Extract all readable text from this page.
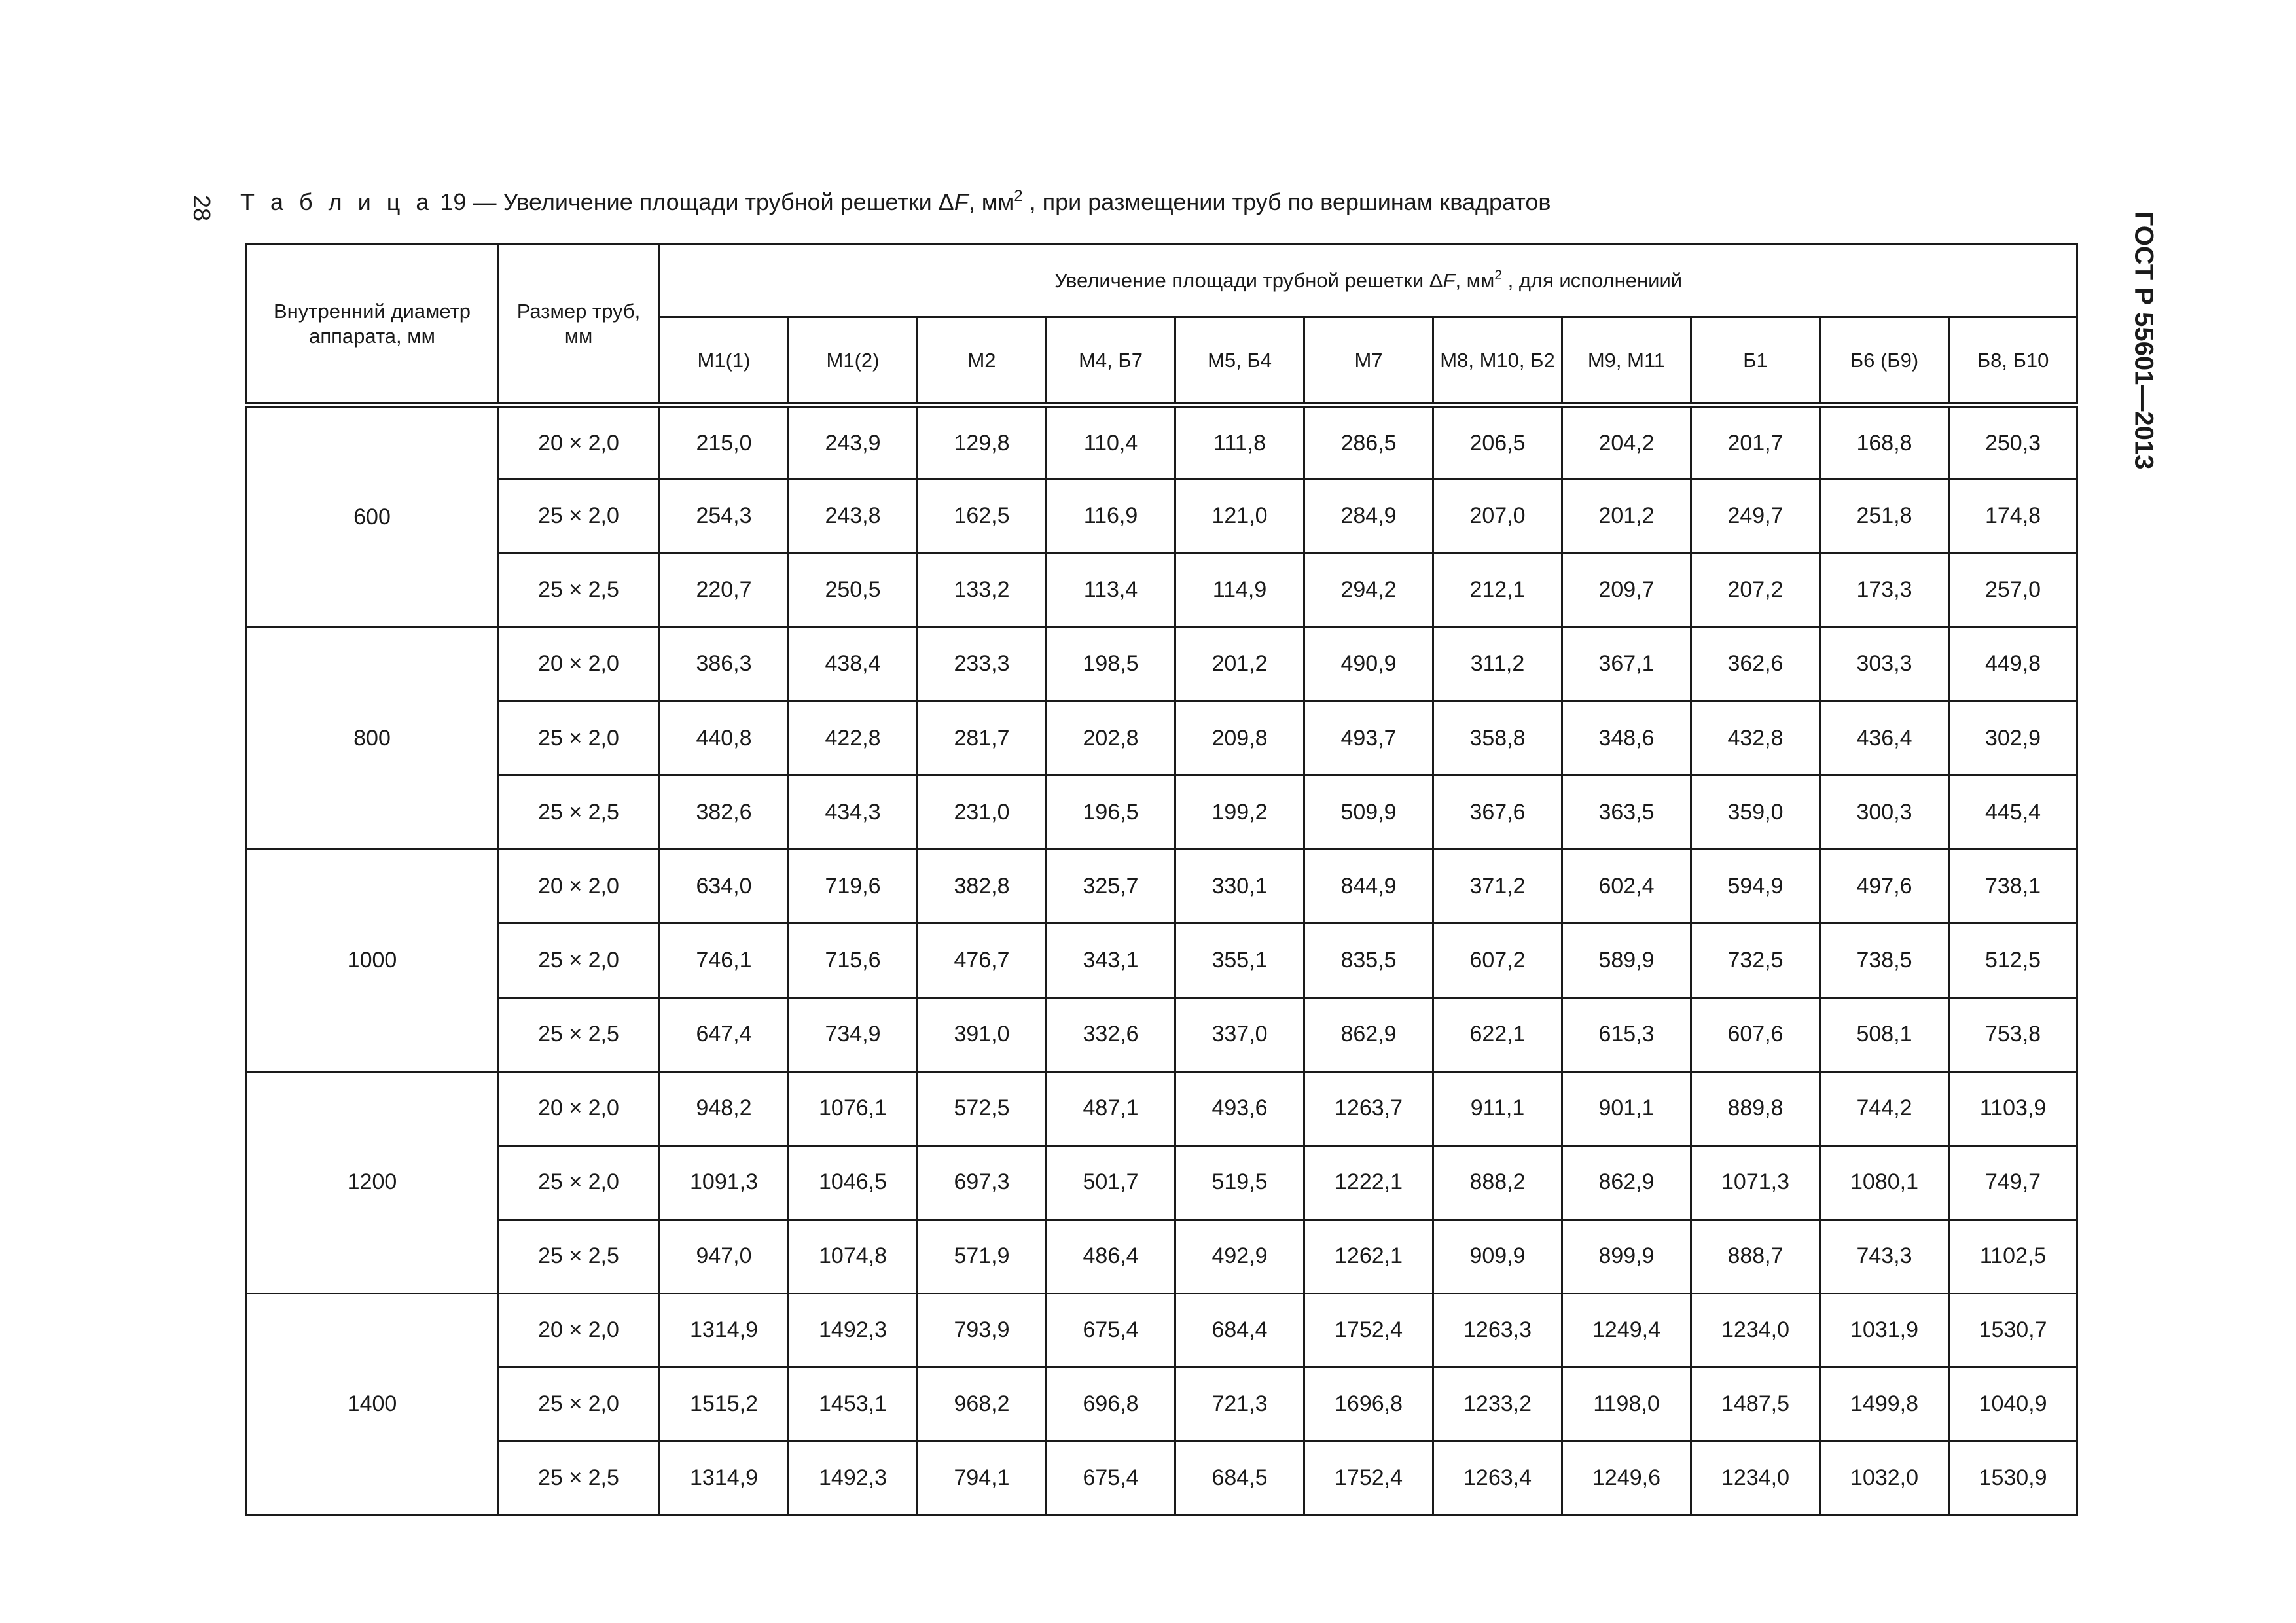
28 Т а б л и ц а 19 — Увеличение площади трубной решетки ΔF, $мм^2$ , при размещении труб по вершинам квадратов
ГОСТ Р 55601—2013
Внутренний диаметр аппарата, мм	Размер труб, мм	Увеличение площади трубной решетки ΔF, $мм^2$ , для исполнениий										
		М1(1)	М1(2)	М2	М4, Б7	М5, Б4	М7	М8, М10, Б2	М9, М11	Б1	Б6 (Б9)	Б8, Б10
600	20 × 2,0	215,0	243,9	129,8	110,4	111,8	286,5	206,5	204,2	201,7	168,8	250,3
	25 × 2,0	254,3	243,8	162,5	116,9	121,0	284,9	207,0	201,2	249,7	251,8	174,8
	25 × 2,5	220,7	250,5	133,2	113,4	114,9	294,2	212,1	209,7	207,2	173,3	257,0
800	20 × 2,0	386,3	438,4	233,3	198,5	201,2	490,9	311,2	367,1	362,6	303,3	449,8
	25 × 2,0	440,8	422,8	281,7	202,8	209,8	493,7	358,8	348,6	432,8	436,4	302,9
	25 × 2,5	382,6	434,3	231,0	196,5	199,2	509,9	367,6	363,5	359,0	300,3	445,4
1000	20 × 2,0	634,0	719,6	382,8	325,7	330,1	844,9	371,2	602,4	594,9	497,6	738,1
	25 × 2,0	746,1	715,6	476,7	343,1	355,1	835,5	607,2	589,9	732,5	738,5	512,5
	25 × 2,5	647,4	734,9	391,0	332,6	337,0	862,9	622,1	615,3	607,6	508,1	753,8
1200	20 × 2,0	948,2	1076,1	572,5	487,1	493,6	1263,7	911,1	901,1	889,8	744,2	1103,9
	25 × 2,0	1091,3	1046,5	697,3	501,7	519,5	1222,1	888,2	862,9	1071,3	1080,1	749,7
	25 × 2,5	947,0	1074,8	571,9	486,4	492,9	1262,1	909,9	899,9	888,7	743,3	1102,5
1400	20 × 2,0	1314,9	1492,3	793,9	675,4	684,4	1752,4	1263,3	1249,4	1234,0	1031,9	1530,7
	25 × 2,0	1515,2	1453,1	968,2	696,8	721,3	1696,8	1233,2	1198,0	1487,5	1499,8	1040,9
	25 × 2,5	1314,9	1492,3	794,1	675,4	684,5	1752,4	1263,4	1249,6	1234,0	1032,0	1530,9
